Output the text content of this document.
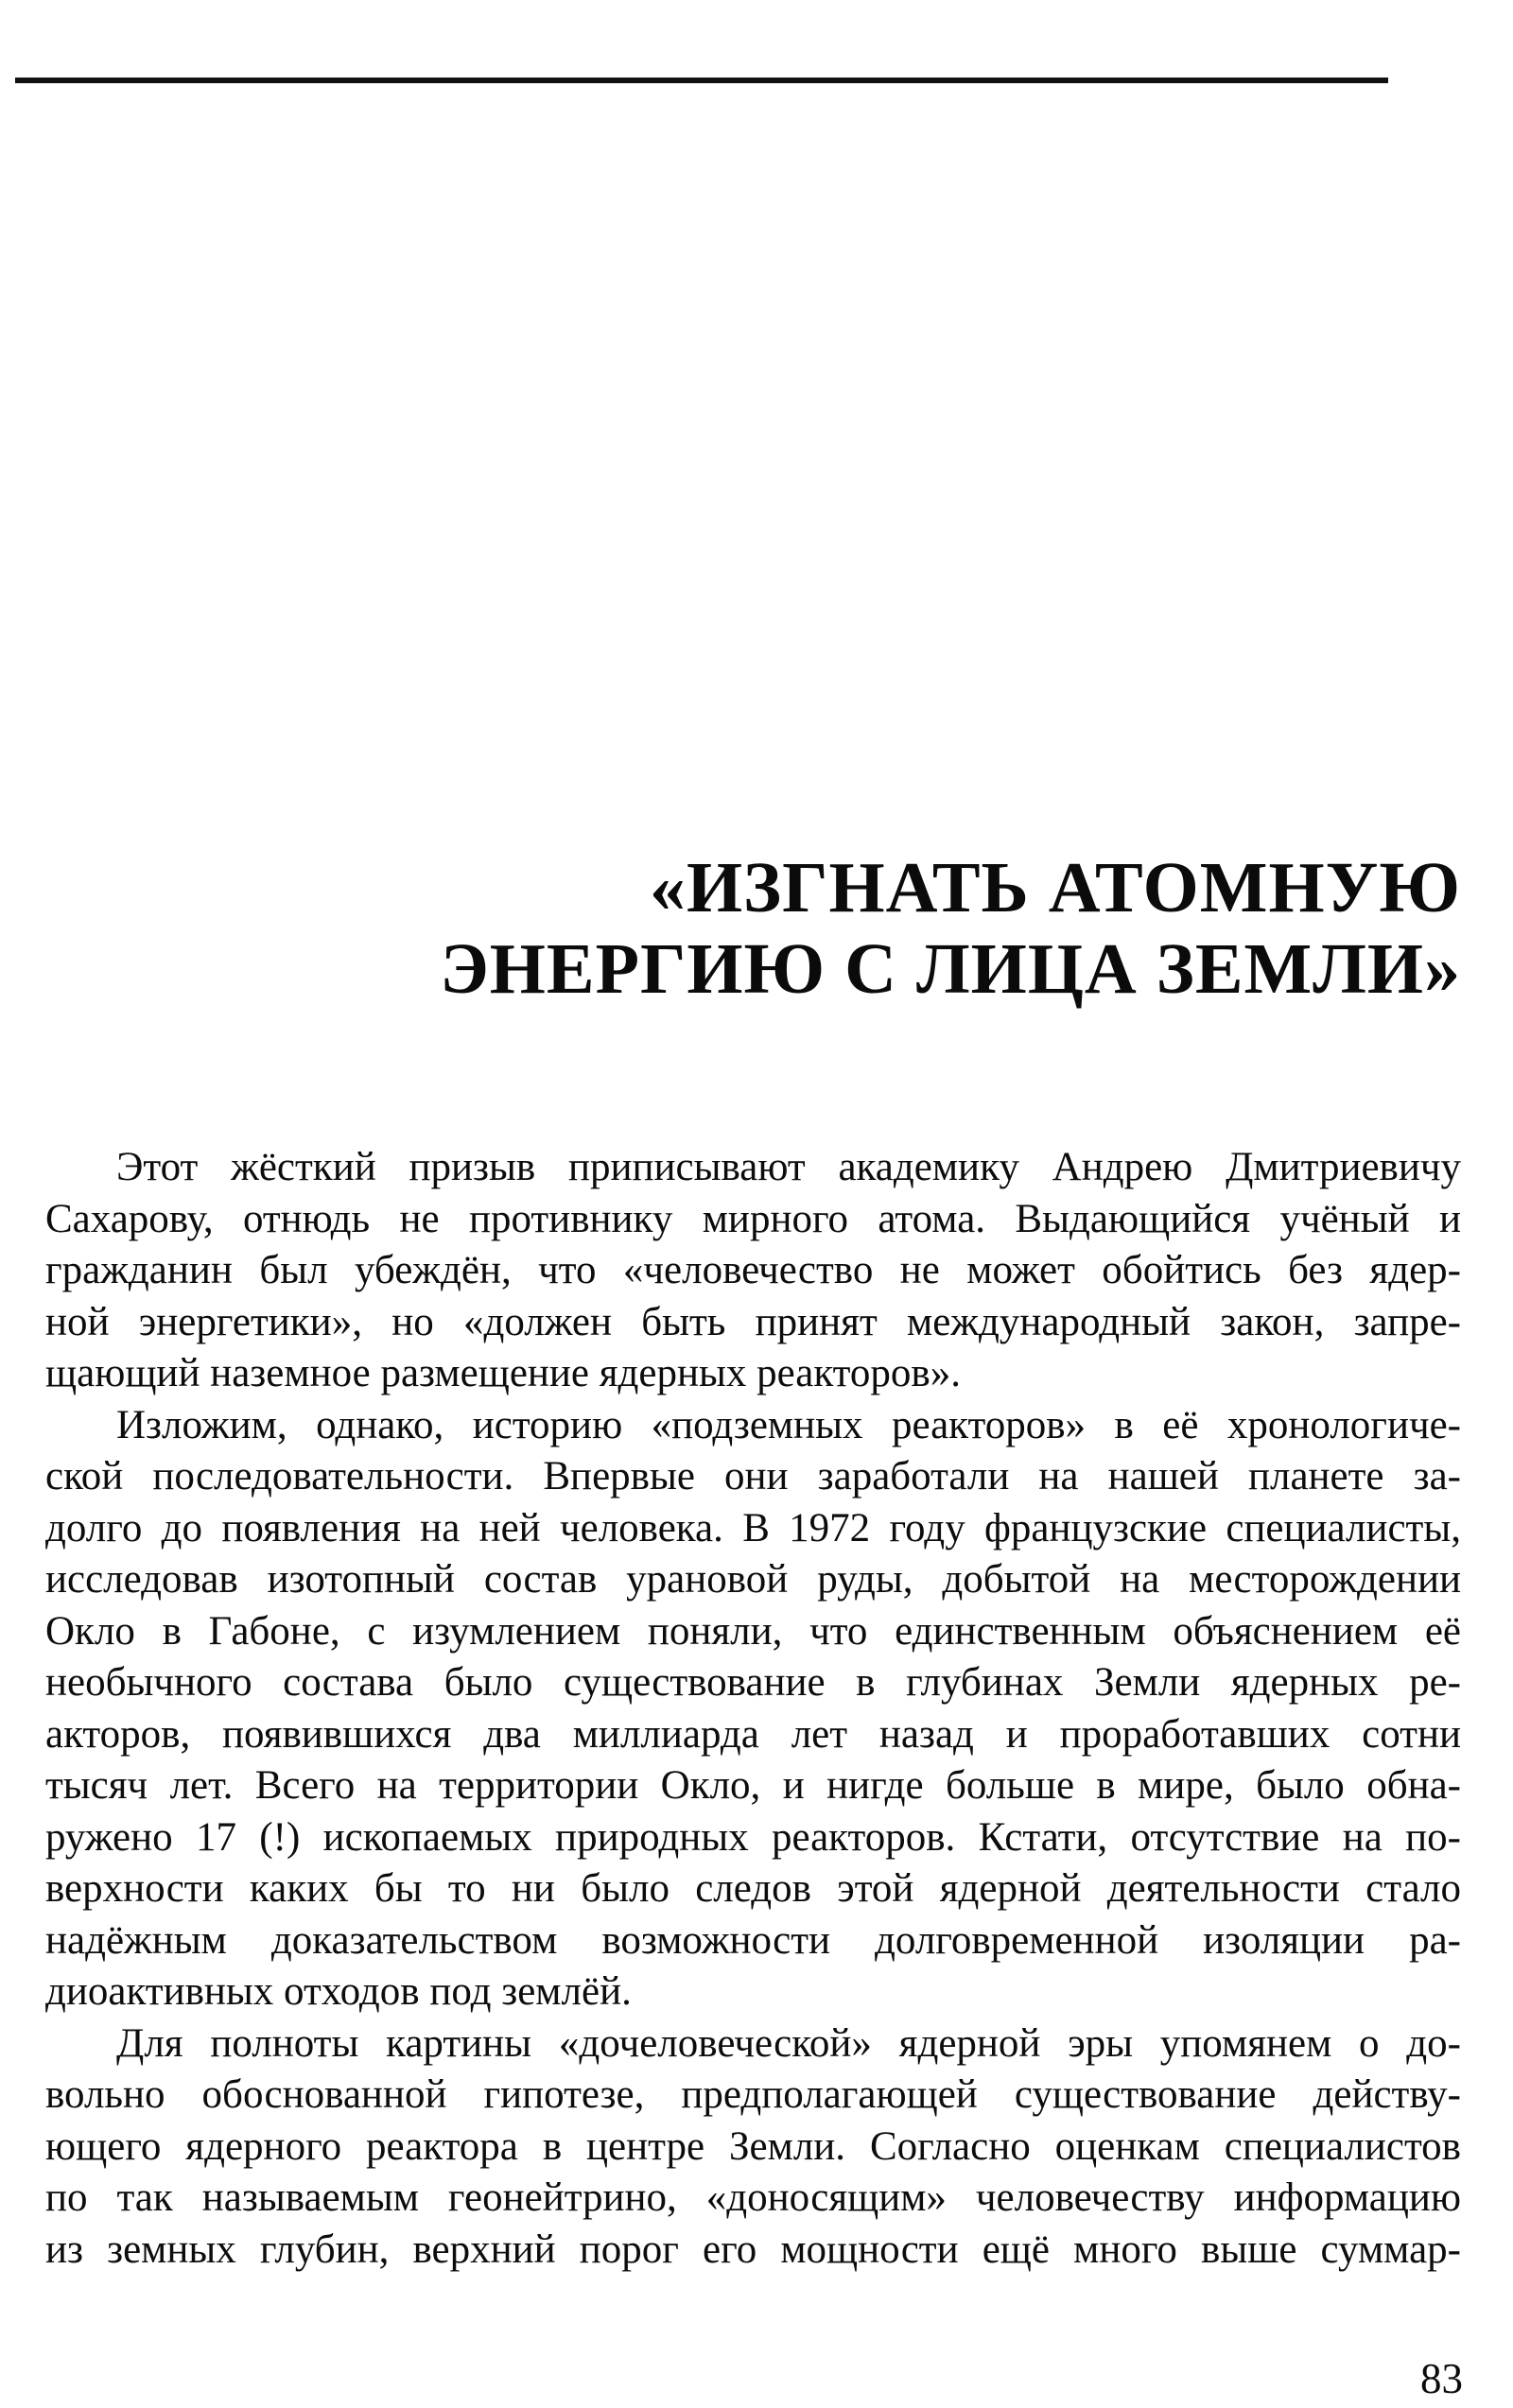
«ИЗГНАТЬ АТОМНУЮ
ЭНЕРГИЮ С ЛИЦА ЗЕМЛИ»
Этот жёсткий призыв приписывают академику Андрею Дмитриевичу
Сахарову, отнюдь не противнику мирного атома. Выдающийся учёный и
гражданин был убеждён, что «человечество не может обойтись без ядер-
ной энергетики», но «должен быть принят международный закон, запре-
щающий наземное размещение ядерных реакторов».
Изложим, однако, историю «подземных реакторов» в её хронологиче-
ской последовательности. Впервые они заработали на нашей планете за-
долго до появления на ней человека. В 1972 году французские специалисты,
исследовав изотопный состав урановой руды, добытой на месторождении
Окло в Габоне, с изумлением поняли, что единственным объяснением её
необычного состава было существование в глубинах Земли ядерных ре-
акторов, появившихся два миллиарда лет назад и проработавших сотни
тысяч лет. Всего на территории Окло, и нигде больше в мире, было обна-
ружено 17 (!) ископаемых природных реакторов. Кстати, отсутствие на по-
верхности каких бы то ни было следов этой ядерной деятельности стало
надёжным доказательством возможности долговременной изоляции ра-
диоактивных отходов под землёй.
Для полноты картины «дочеловеческой» ядерной эры упомянем о до-
вольно обоснованной гипотезе, предполагающей существование действу-
ющего ядерного реактора в центре Земли. Согласно оценкам специалистов
по так называемым геонейтрино, «доносящим» человечеству информацию
из земных глубин, верхний порог его мощности ещё много выше суммар-
83
